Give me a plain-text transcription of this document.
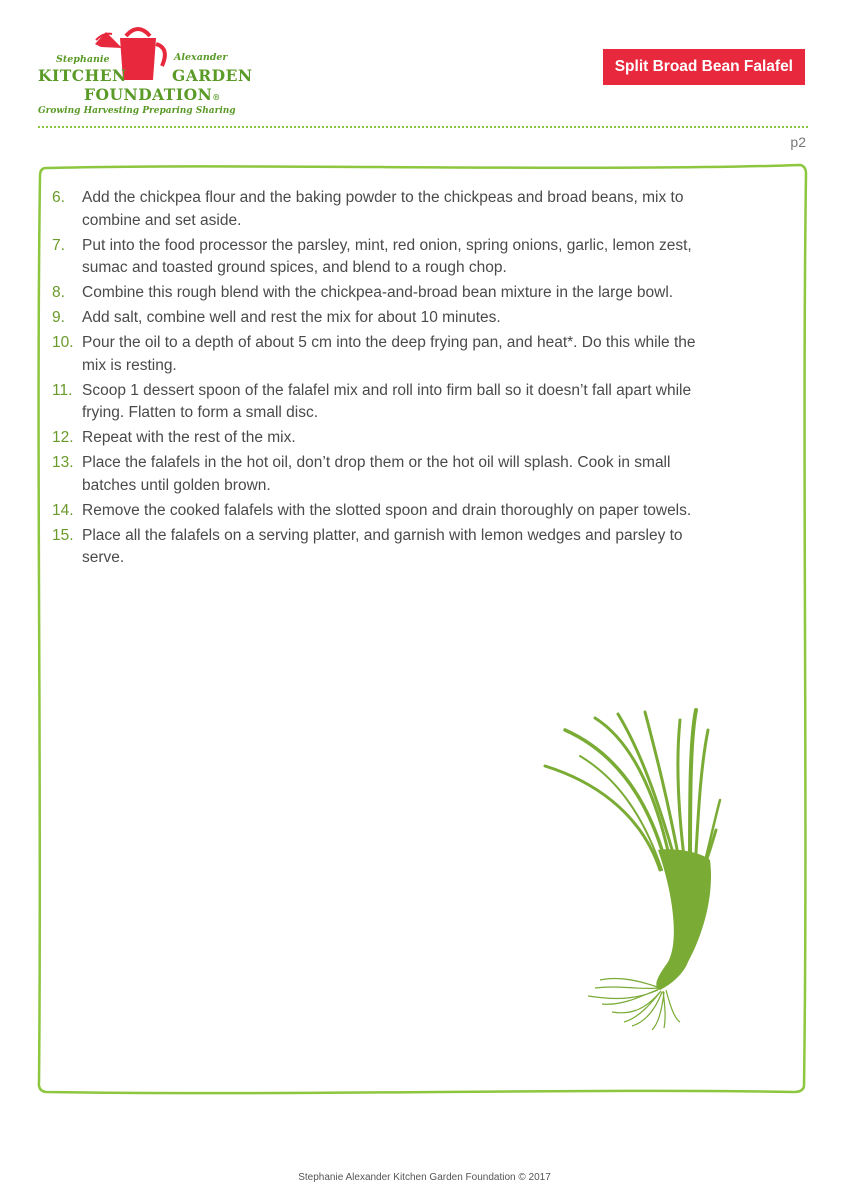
Stephanie	Alexander
KITCHEN	GARDEN
FOUNDATION®
Growing Harvesting Preparing Sharing
Split Broad Bean Falafel
p2
6. Add the chickpea flour and the baking powder to the chickpeas and broad beans, mix to combine and set aside.
7. Put into the food processor the parsley, mint, red onion, spring onions, garlic, lemon zest, sumac and toasted ground spices, and blend to a rough chop.
8. Combine this rough blend with the chickpea-and-broad bean mixture in the large bowl.
9. Add salt, combine well and rest the mix for about 10 minutes.
10. Pour the oil to a depth of about 5 cm into the deep frying pan, and heat*. Do this while the mix is resting.
11. Scoop 1 dessert spoon of the falafel mix and roll into firm ball so it doesn’t fall apart while frying. Flatten to form a small disc.
12. Repeat with the rest of the mix.
13. Place the falafels in the hot oil, don’t drop them or the hot oil will splash. Cook in small batches until golden brown.
14. Remove the cooked falafels with the slotted spoon and drain thoroughly on paper towels.
15. Place all the falafels on a serving platter, and garnish with lemon wedges and parsley to serve.
Stephanie Alexander Kitchen Garden Foundation © 2017
